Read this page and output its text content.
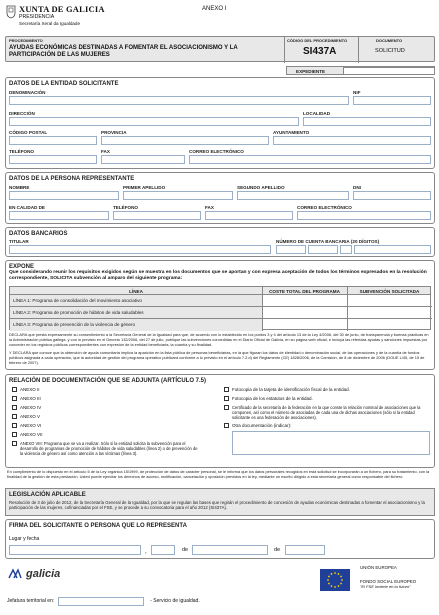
XUNTA DE GALICIA
PRESIDENCIA
Secretaría Xeral da Igualdade
ANEXO I
PROCEDIMIENTO
AYUDAS ECONÓMICAS DESTINADAS A FOMENTAR EL ASOCIACIONISMO Y LA PARTICIPACIÓN DE LAS MUJERES
CÓDIGO DEL PROCEDIMIENTO
SI437A
DOCUMENTO
SOLICITUD
EXPEDIENTE
DATOS DE LA ENTIDAD SOLICITANTE
DENOMINACIÓN	NIF
DIRECCIÓN	LOCALIDAD
CÓDIGO POSTAL	PROVINCIA	AYUNTAMIENTO
TELÉFONO	FAX	CORREO ELECTRÓNICO
DATOS DE LA PERSONA REPRESENTANTE
NOMBRE	PRIMER APELLIDO	SEGUNDO APELLIDO	DNI
EN CALIDAD DE	TELÉFONO	FAX	CORREO ELECTRÓNICO
DATOS BANCARIOS
TITULAR	NÚMERO DE CUENTA BANCARIA (20 DÍGITOS)
EXPONE
Que considerando reunir los requisitos exigidos según se muestra en los documentos que se aportan y con expresa aceptación de todos los términos expresados en la resolución correspondiente, SOLICITA subvención al amparo del siguiente programa:
LÍNEA	COSTE TOTAL DEL PROGRAMA	SUBVENCIÓN SOLICITADA
LÍNEA 1: Programa de consolidación del movimiento asociativo
LÍNEA 2: Programa de promoción de hábitos de vida saludables
LÍNEA 3: Programa de prevención de la violencia de género
DECLARA que presta expresamente su consentimiento a la Secretaría General de la Igualdad para que, de acuerdo con lo establecido en los puntos 3 y 4 del artículo 13 de la Ley 4/2006, del 30 de junio, de transparencia y buenas prácticas en la Administración pública gallega, y con lo previsto en el Decreto 132/2006, del 27 de julio, publique las subvenciones concedidas en el Diario Oficial de Galicia, en su página web oficial, e incluya las referidas ayudas y sanciones impuestas por conceder en los registros públicos correspondientes con expresión de la entidad beneficiaria, la cuantía y su finalidad.
Y DECLARA que conoce que la obtención de ayuda comunitaria implica la aparición en la lista pública de personas beneficiarias, en la que figuran los datos de identidad o denominación social, de las operaciones y de la cuantía de fondos públicos asignada a cada operación, que la autoridad de gestión del programa operativo publicará conforme a lo previsto en el artículo 7.2.d) del Reglamento (CE) 1828/2006, de la Comisión, de 8 de diciembre de 2006 (DOUE L/45, de 15 de febrero de 2007).
RELACIÓN DE DOCUMENTACIÓN QUE SE ADJUNTA (ARTÍCULO 7.5)
ANEXO II
ANEXO III
ANEXO IV
ANEXO V
ANEXO VI
ANEXO VII
ANEXO VIII: Programa que se va a realizar. Sólo si la entidad solicita la subvención para el desarrollo de programas de promoción de hábitos de vida saludables (línea 2) o de prevención de la violencia de género así como atención a las víctimas (línea 3).
Fotocopia de la tarjeta de identificación fiscal de la entidad.
Fotocopia de los estatutos de la entidad.
Certificado de la secretaría de la federación en la que conste la relación nominal de asociaciones que la componen, así como el número de asociadas de cada una de dichas asociaciones (sólo si la entidad solicitante es una federación de asociaciones).
Otra documentación (indicar):
En cumplimiento de lo dispuesto en el artículo 5 de la Ley orgánica 15/1999, de protección de datos de carácter personal, se le informa que los datos personales recogidos en esta solicitud se incorporarán a un fichero, para su tratamiento, con la finalidad de la gestión de esta prestación. Usted puede ejercitar los derechos de acceso, rectificación, cancelación y oposición previstos en la ley, mediante un escrito dirigido a esta secretaría general como responsable del fichero.
LEGISLACIÓN APLICABLE
Resolución de 3 de julio de 2012, de la Secretaría General de la Igualdad, por la que se regulan las bases que regirán el procedimiento de concesión de ayudas económicas destinadas a fomentar el asociacionismo y la participación de las mujeres, cofinanciadas por el FSE, y se procede a su convocatoria para el año 2012 (SI437A).
FIRMA DEL SOLICITANTE O PERSONA QUE LO REPRESENTA
Lugar y fecha
,	de	de
galicia
UNIÓN EUROPEA
FONDO SOCIAL EUROPEO
"El FSE invierte en tu futuro"
Jefatura territorial en:	- Servicio de igualdad.
